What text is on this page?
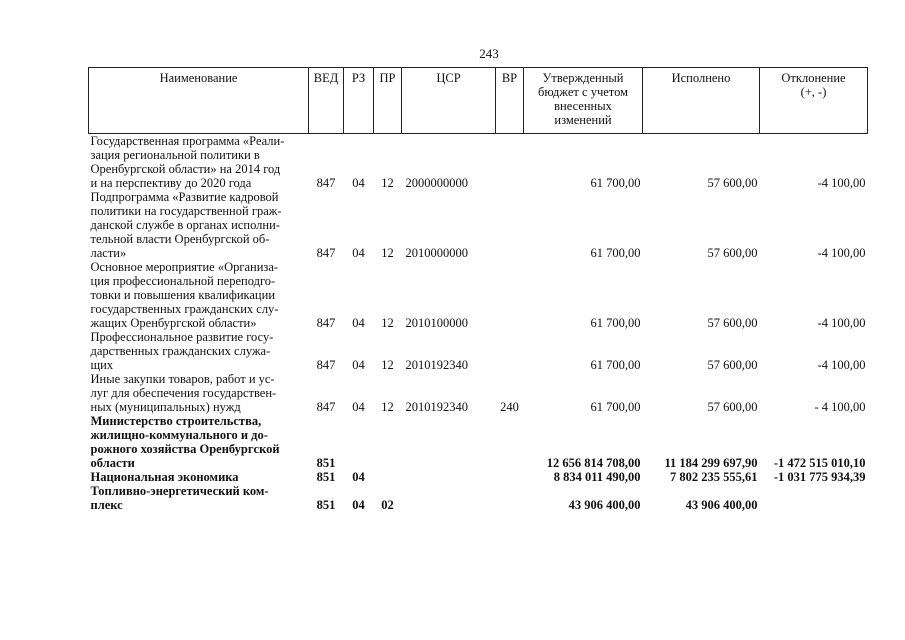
243
Наименование	ВЕД	РЗ	ПР	ЦСР	ВР	Утвержденный
бюджет с учетом
внесенных
изменений	Исполнено	Отклонение
(+, -)

Государственная программа «Реали-
зация региональной политики в
Оренбургской области» на 2014 год
и на перспективу до 2020 года	847	04	12	2000000000		61 700,00	57 600,00	-4 100,00

Подпрограмма «Развитие кадровой
политики на государственной граж-
данской службе в органах исполни-
тельной власти Оренбургской об-
ласти»	847	04	12	2010000000		61 700,00	57 600,00	-4 100,00

Основное мероприятие «Организа-
ция профессиональной переподго-
товки и повышения квалификации
государственных гражданских слу-
жащих Оренбургской области»	847	04	12	2010100000		61 700,00	57 600,00	-4 100,00

Профессиональное развитие госу-
дарственных гражданских служа-
щих	847	04	12	2010192340		61 700,00	57 600,00	-4 100,00

Иные закупки товаров, работ и ус-
луг для обеспечения государствен-
ных (муниципальных) нужд	847	04	12	2010192340	240	61 700,00	57 600,00	- 4 100,00

Министерство строительства,
жилищно-коммунального и до-
рожного хозяйства Оренбургской
области	851					12 656 814 708,00	11 184 299 697,90	-1 472 515 010,10

Национальная экономика	851	04				8 834 011 490,00	7 802 235 555,61	-1 031 775 934,39

Топливно-энергетический ком-
плекс	851	04	02			43 906 400,00	43 906 400,00	
